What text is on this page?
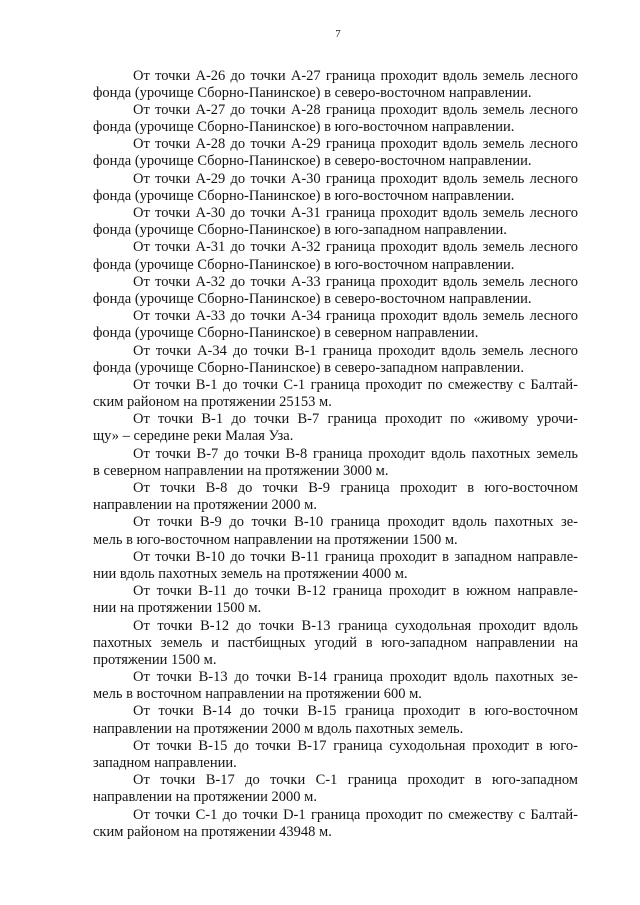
7
От точки А-26 до точки А-27 граница проходит вдоль земель лесного
фонда (урочище Сборно-Панинское) в северо-восточном направлении.
От точки А-27 до точки А-28 граница проходит вдоль земель лесного
фонда (урочище Сборно-Панинское) в юго-восточном направлении.
От точки А-28 до точки А-29 граница проходит вдоль земель лесного
фонда (урочище Сборно-Панинское) в северо-восточном направлении.
От точки А-29 до точки А-30 граница проходит вдоль земель лесного
фонда (урочище Сборно-Панинское) в юго-восточном направлении.
От точки А-30 до точки А-31 граница проходит вдоль земель лесного
фонда (урочище Сборно-Панинское) в юго-западном направлении.
От точки А-31 до точки А-32 граница проходит вдоль земель лесного
фонда (урочище Сборно-Панинское) в юго-восточном направлении.
От точки А-32 до точки А-33 граница проходит вдоль земель лесного
фонда (урочище Сборно-Панинское) в северо-восточном направлении.
От точки А-33 до точки А-34 граница проходит вдоль земель лесного
фонда (урочище Сборно-Панинское) в северном направлении.
От точки А-34 до точки В-1 граница проходит вдоль земель лесного
фонда (урочище Сборно-Панинское) в северо-западном направлении.
От точки В-1 до точки С-1 граница проходит по смежеству с Балтай-
ским районом на протяжении 25153 м.
От точки В-1 до точки В-7 граница проходит по «живому урочи-
щу» – середине реки Малая Уза.
От точки В-7 до точки В-8 граница проходит вдоль пахотных земель
в северном направлении на протяжении 3000 м.
От точки В-8 до точки В-9 граница проходит в юго-восточном
направлении на протяжении 2000 м.
От точки В-9 до точки В-10 граница проходит вдоль пахотных зе-
мель в юго-восточном направлении на протяжении 1500 м.
От точки В-10 до точки В-11 граница проходит в западном направле-
нии вдоль пахотных земель на протяжении 4000 м.
От точки В-11 до точки В-12 граница проходит в южном направле-
нии на протяжении 1500 м.
От точки В-12 до точки В-13 граница суходольная проходит вдоль
пахотных земель и пастбищных угодий в юго-западном направлении на
протяжении 1500 м.
От точки В-13 до точки В-14 граница проходит вдоль пахотных зе-
мель в восточном направлении на протяжении 600 м.
От точки В-14 до точки В-15 граница проходит в юго-восточном
направлении на протяжении 2000 м вдоль пахотных земель.
От точки В-15 до точки В-17 граница суходольная проходит в юго-
западном направлении.
От точки В-17 до точки С-1 граница проходит в юго-западном
направлении на протяжении 2000 м.
От точки С-1 до точки D-1 граница проходит по смежеству с Балтай-
ским районом на протяжении 43948 м.
